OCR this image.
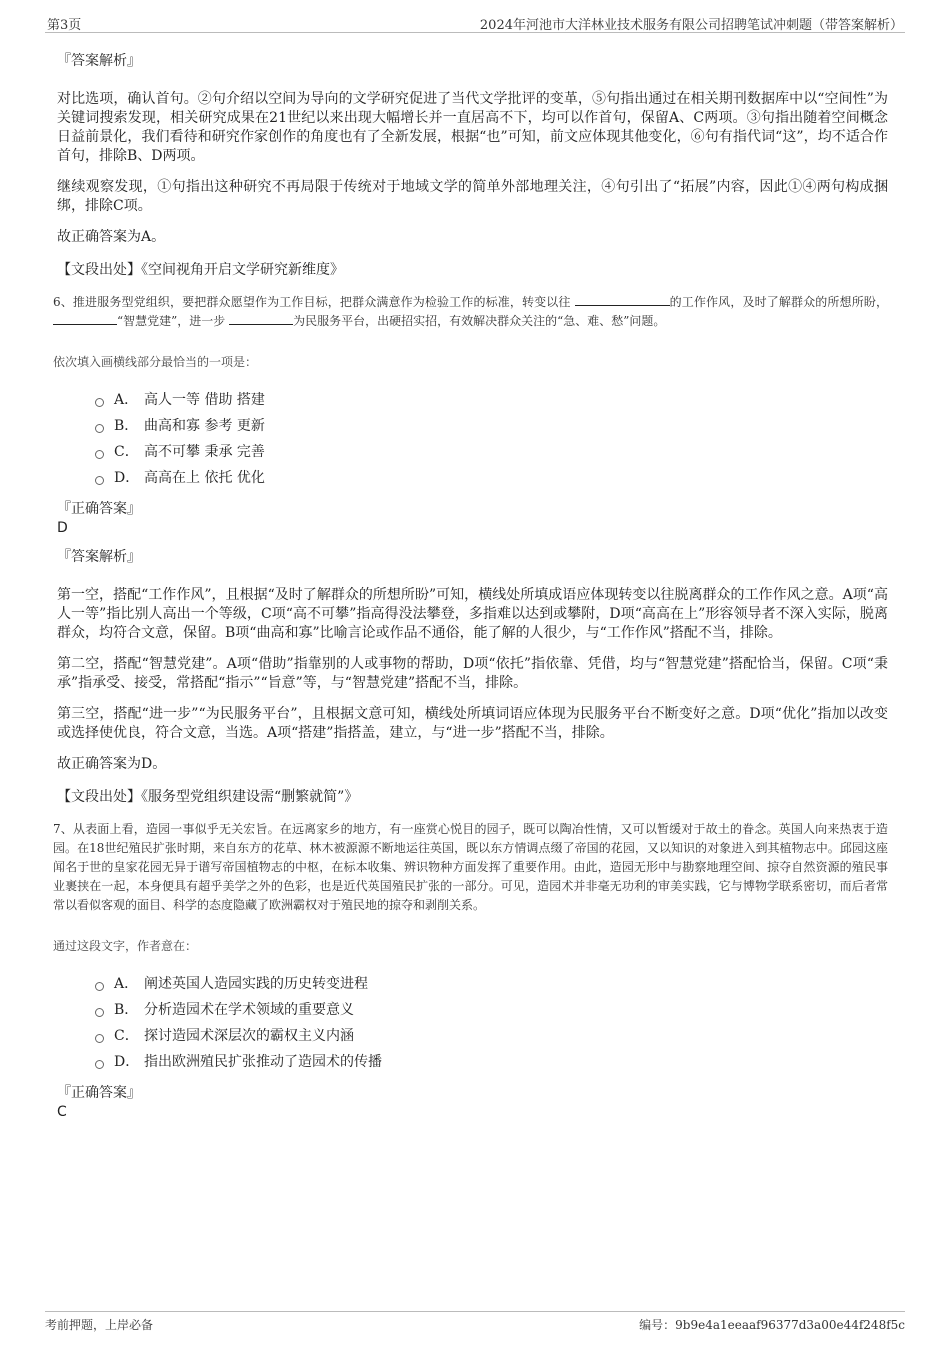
第3页	2024年河池市大洋林业技术服务有限公司招聘笔试冲刺题（带答案解析）
『答案解析』

对比选项，确认首句。②句介绍以空间为导向的文学研究促进了当代文学批评的变革，⑤句指出通过在相关期刊数据库中以“空间性”为关键词搜索发现，相关研究成果在21世纪以来出现大幅增长并一直居高不下，均可以作首句，保留A、C两项。③句指出随着空间概念日益前景化，我们看待和研究作家创作的角度也有了全新发展，根据“也”可知，前文应体现其他变化，⑥句有指代词“这”，均不适合作首句，排除B、D两项。

继续观察发现，①句指出这种研究不再局限于传统对于地域文学的简单外部地理关注，④句引出了“拓展”内容，因此①④两句构成捆绑，排除C项。

故正确答案为A。

【文段出处】《空间视角开启文学研究新维度》
6、推进服务型党组织，要把群众愿望作为工作目标，把群众满意作为检验工作的标准，转变以往	的工作作风，及时了解群众的所想所盼， “智慧党建”，进一步	为民服务平台，出硬招实招，有效解决群众关注的“急、难、愁”问题。
依次填入画横线部分最恰当的一项是：
A． 高人一等 借助 搭建
B． 曲高和寡 参考 更新
C． 高不可攀 秉承 完善
D． 高高在上 依托 优化
『正确答案』
D
『答案解析』

第一空，搭配“工作作风”，且根据“及时了解群众的所想所盼”可知，横线处所填成语应体现转变以往脱离群众的工作作风之意。A项“高人一等”指比别人高出一个等级，C项“高不可攀”指高得没法攀登，多指难以达到或攀附，D项“高高在上”形容领导者不深入实际，脱离群众，均符合文意，保留。B项“曲高和寡”比喻言论或作品不通俗，能了解的人很少，与“工作作风”搭配不当，排除。

第二空，搭配“智慧党建”。A项“借助”指靠别的人或事物的帮助，D项“依托”指依靠、凭借，均与“智慧党建”搭配恰当，保留。C项“秉承”指承受、接受，常搭配“指示”“旨意”等，与“智慧党建”搭配不当，排除。

第三空，搭配“进一步”“为民服务平台”，且根据文意可知，横线处所填词语应体现为民服务平台不断变好之意。D项“优化”指加以改变或选择使优良，符合文意，当选。A项“搭建”指搭盖，建立，与“进一步”搭配不当，排除。

故正确答案为D。

【文段出处】《服务型党组织建设需“删繁就简”》
7、从表面上看，造园一事似乎无关宏旨。在远离家乡的地方，有一座赏心悦目的园子，既可以陶冶性情，又可以暂缓对于故土的眷念。英国人向来热衷于造园。在18世纪殖民扩张时期，来自东方的花草、林木被源源不断地运往英国，既以东方情调点缀了帝国的花园，又以知识的对象进入到其植物志中。邱园这座闻名于世的皇家花园无异于谱写帝国植物志的中枢，在标本收集、辨识物种方面发挥了重要作用。由此，造园无形中与勘察地理空间、掠夺自然资源的殖民事业裹挟在一起，本身便具有超乎美学之外的色彩，也是近代英国殖民扩张的一部分。可见，造园术并非毫无功利的审美实践，它与博物学联系密切，而后者常常以看似客观的面目、科学的态度隐藏了欧洲霸权对于殖民地的掠夺和剥削关系。
通过这段文字，作者意在：
A． 阐述英国人造园实践的历史转变进程
B． 分析造园术在学术领域的重要意义
C． 探讨造园术深层次的霸权主义内涵
D． 指出欧洲殖民扩张推动了造园术的传播
『正确答案』
C
考前押题，上岸必备	编号：9b9e4a1eeaaf96377d3a00e44f248f5c
